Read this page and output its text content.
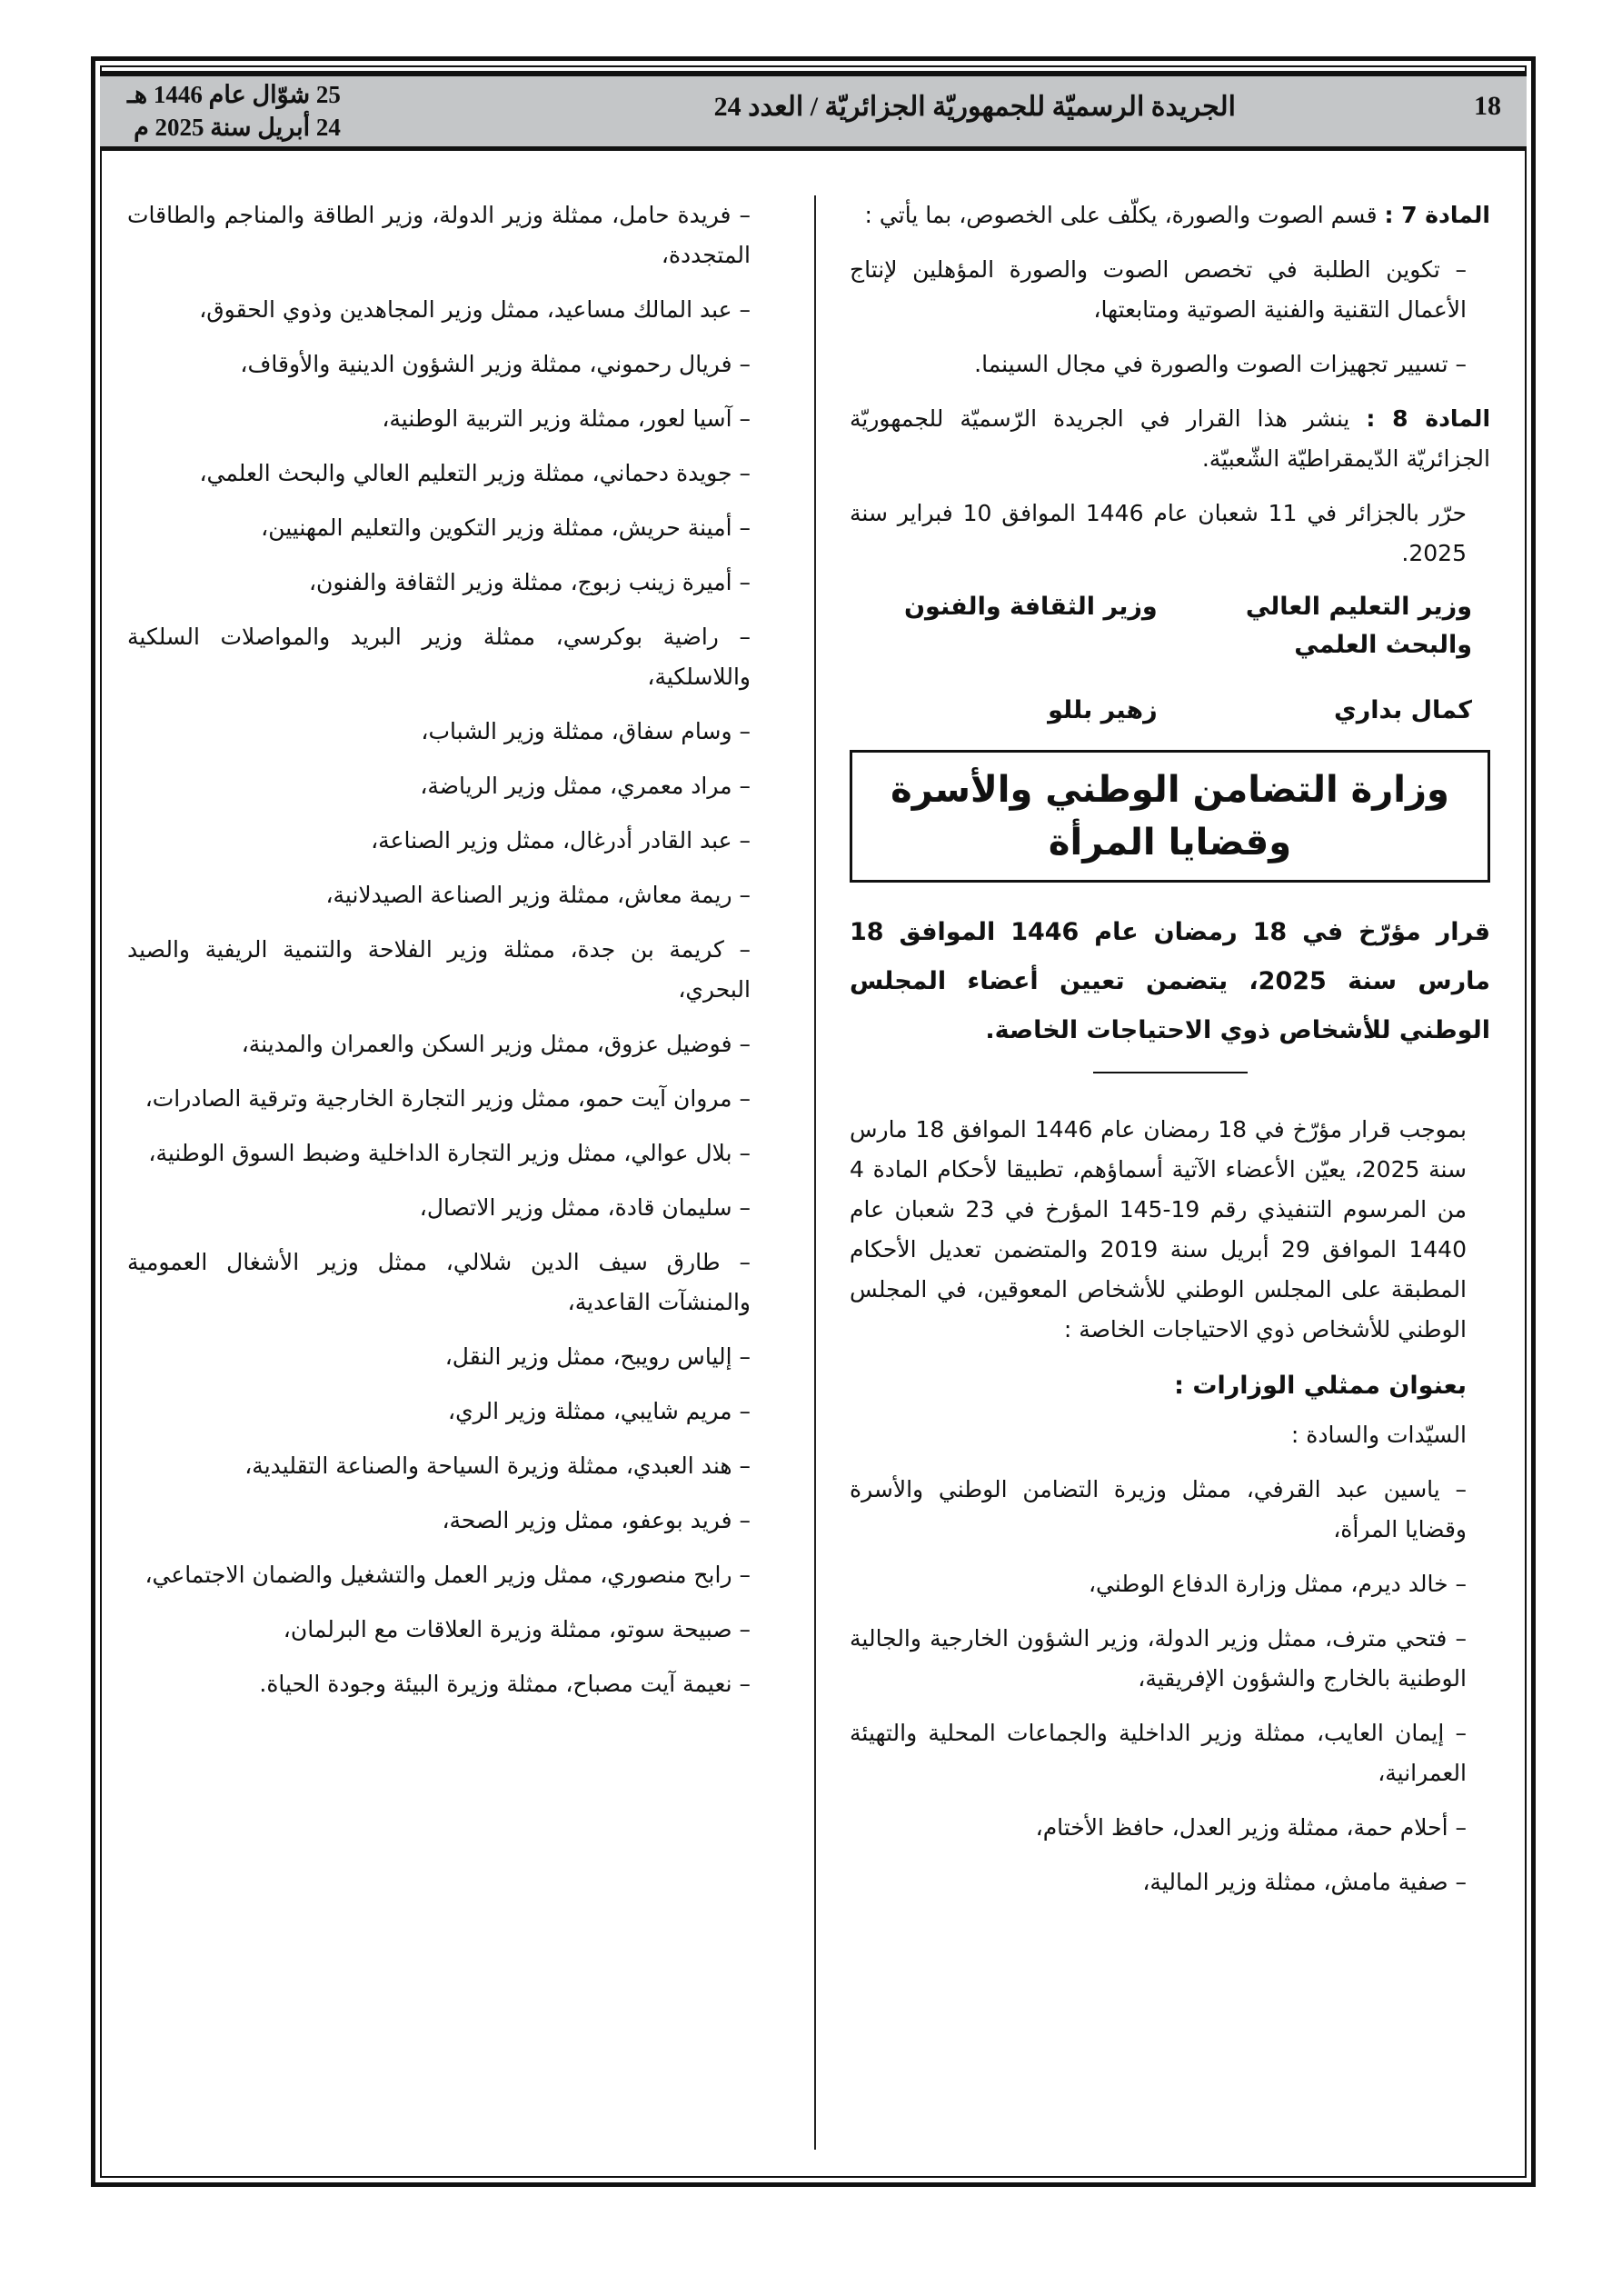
18
الجريدة الرسميّة للجمهوريّة الجزائريّة / العدد 24
25 شوّال عام 1446 هـ
24 أبريل سنة 2025 م

المادة 7 : قسم الصوت والصورة، يكلّف على الخصوص، بما يأتي :

– تكوين الطلبة في تخصص الصوت والصورة المؤهلين لإنتاج الأعمال التقنية والفنية الصوتية ومتابعتها،

– تسيير تجهيزات الصوت والصورة في مجال السينما.

المادة 8 : ينشر هذا القرار في الجريدة الرّسميّة للجمهوريّة الجزائريّة الدّيمقراطيّة الشّعبيّة.

حرّر بالجزائر في 11 شعبان عام 1446 الموافق 10 فبراير سنة 2025.

وزير التعليم العالي والبحث العلمي
كمال بداري
وزير الثقافة والفنون
زهير بللو
وزارة التضامن الوطني والأسرة وقضايا المرأة
قرار مؤرّخ في 18 رمضان عام 1446 الموافق 18 مارس سنة 2025، يتضمن تعيين أعضاء المجلس الوطني للأشخاص ذوي الاحتياجات الخاصة.

بموجب قرار مؤرّخ في 18 رمضان عام 1446 الموافق 18 مارس سنة 2025، يعيّن الأعضاء الآتية أسماؤهم، تطبيقا لأحكام المادة 4 من المرسوم التنفيذي رقم 19-145 المؤرخ في 23 شعبان عام 1440 الموافق 29 أبريل سنة 2019 والمتضمن تعديل الأحكام المطبقة على المجلس الوطني للأشخاص المعوقين، في المجلس الوطني للأشخاص ذوي الاحتياجات الخاصة :

بعنوان ممثلي الوزارات :

السيّدات والسادة :

– ياسين عبد القرفي، ممثل وزيرة التضامن الوطني والأسرة وقضايا المرأة،

– خالد ديرم، ممثل وزارة الدفاع الوطني،

– فتحي مترف، ممثل وزير الدولة، وزير الشؤون الخارجية والجالية الوطنية بالخارج والشؤون الإفريقية،

– إيمان العايب، ممثلة وزير الداخلية والجماعات المحلية والتهيئة العمرانية،

– أحلام حمة، ممثلة وزير العدل، حافظ الأختام،

– صفية مامش، ممثلة وزير المالية،

– فريدة حامل، ممثلة وزير الدولة، وزير الطاقة والمناجم والطاقات المتجددة،

– عبد المالك مساعيد، ممثل وزير المجاهدين وذوي الحقوق،

– فريال رحموني، ممثلة وزير الشؤون الدينية والأوقاف،

– آسيا لعور، ممثلة وزير التربية الوطنية،

– جويدة دحماني، ممثلة وزير التعليم العالي والبحث العلمي،

– أمينة حريش، ممثلة وزير التكوين والتعليم المهنيين،

– أميرة زينب زبوج، ممثلة وزير الثقافة والفنون،

– راضية بوكرسي، ممثلة وزير البريد والمواصلات السلكية واللاسلكية،

– وسام سفاق، ممثلة وزير الشباب،

– مراد معمري، ممثل وزير الرياضة،

– عبد القادر أدرغال، ممثل وزير الصناعة،

– ريمة معاش، ممثلة وزير الصناعة الصيدلانية،

– كريمة بن جدة، ممثلة وزير الفلاحة والتنمية الريفية والصيد البحري،

– فوضيل عزوق، ممثل وزير السكن والعمران والمدينة،

– مروان آيت حمو، ممثل وزير التجارة الخارجية وترقية الصادرات،

– بلال عوالي، ممثل وزير التجارة الداخلية وضبط السوق الوطنية،

– سليمان قادة، ممثل وزير الاتصال،

– طارق سيف الدين شلالي، ممثل وزير الأشغال العمومية والمنشآت القاعدية،

– إلياس رويبح، ممثل وزير النقل،

– مريم شايبي، ممثلة وزير الري،

– هند العبدي، ممثلة وزيرة السياحة والصناعة التقليدية،

– فريد بوعفو، ممثل وزير الصحة،

– رابح منصوري، ممثل وزير العمل والتشغيل والضمان الاجتماعي،

– صبيحة سوتو، ممثلة وزيرة العلاقات مع البرلمان،

– نعيمة آيت مصباح، ممثلة وزيرة البيئة وجودة الحياة.
